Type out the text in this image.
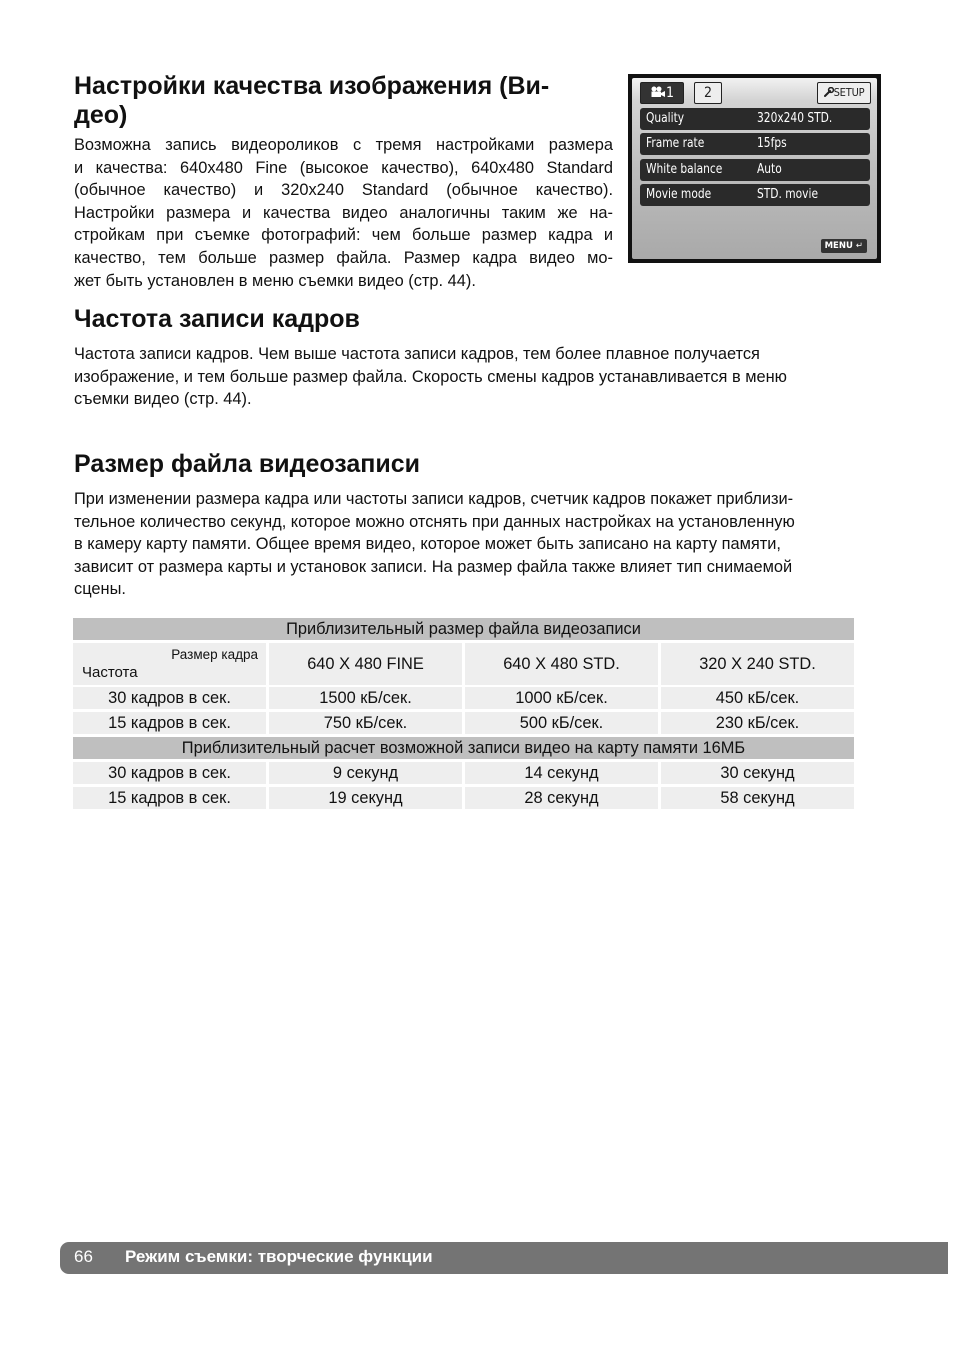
Настройки качества изображения (Ви-
део)
Возможна запись видеороликов с тремя настройками размера
и качества: 640x480 Fine (высокое качество), 640x480 Standard
(обычное качество) и 320x240 Standard (обычное качество).
Настройки размера и качества видео аналогичны таким же на-
стройкам при съемке фотографий: чем больше размер кадра и
качество, тем больше размер файла. Размер кадра видео мо-
жет быть установлен в меню съемки видео (стр. 44).
1	2	SETUP
Quality	320x240 STD.
Frame rate	15fps
White balance	Auto
Movie mode	STD. movie
MENU ↵
Частота записи кадров
Частота записи кадров. Чем выше частота записи кадров, тем более плавное получается
изображение, и тем больше размер файла. Скорость смены кадров устанавливается в меню
съемки видео (стр. 44).
Размер файла видеозаписи
При изменении размера кадра или частоты записи кадров, счетчик кадров покажет приблизи-
тельное количество секунд, которое можно отснять при данных настройках на установленную
в камеру карту памяти. Общее время видео, которое может быть записано на карту памяти,
зависит от размера карты и установок записи. На размер файла также влияет тип снимаемой
сцены.
Приблизительный размер файла видеозаписи
Размер кадра
Частота	640 X 480 FINE	640 X 480 STD.	320 X 240 STD.
30 кадров в сек.	1500 кБ/сек.	1000 кБ/сек.	450 кБ/сек.
15 кадров в сек.	750 кБ/сек.	500 кБ/сек.	230 кБ/сек.
Приблизительный расчет возможной записи видео на карту памяти 16МБ
30 кадров в сек.	9 секунд	14 секунд	30 секунд
15 кадров в сек.	19 секунд	28 секунд	58 секунд
66 Режим съемки: творческие функции
